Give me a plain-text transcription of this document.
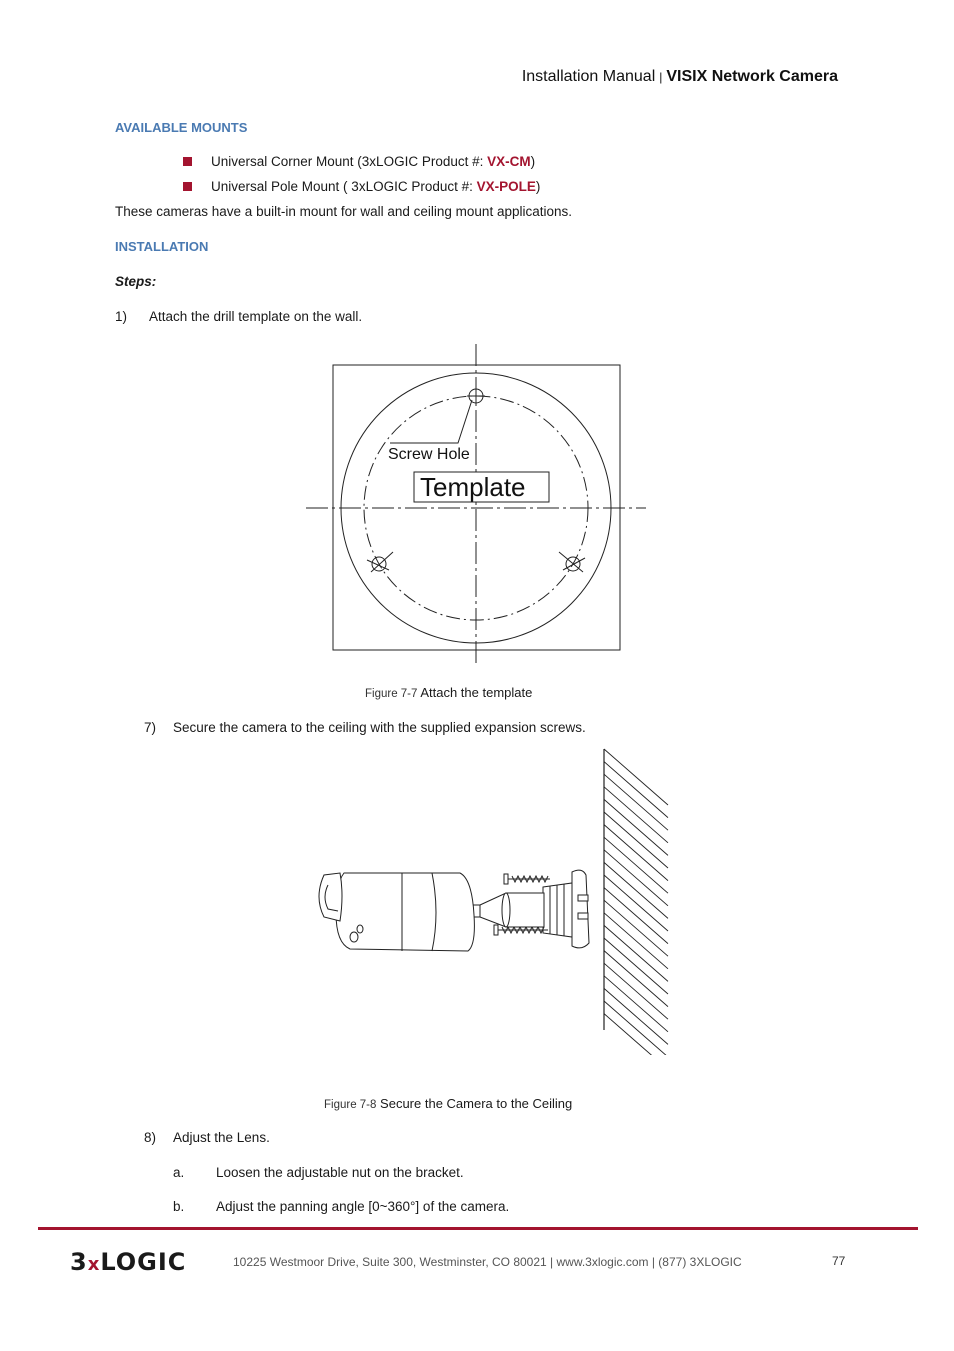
Installation Manual | VISIX Network Camera
AVAILABLE MOUNTS
Universal Corner Mount (3xLOGIC Product #: VX-CM)
Universal Pole Mount ( 3xLOGIC Product #: VX-POLE)
These cameras have a built-in mount for wall and ceiling mount applications.
INSTALLATION
Steps:
1) Attach the drill template on the wall.
Screw Hole
Template
Figure 7-7 Attach the template
7) Secure the camera to the ceiling with the supplied expansion screws.
Figure 7-8 Secure the Camera to the Ceiling
8) Adjust the Lens.
a. Loosen the adjustable nut on the bracket.
b. Adjust the panning angle [0~360°] of the camera.
3xLOGIC	10225 Westmoor Drive, Suite 300, Westminster, CO 80021 | www.3xlogic.com | (877) 3XLOGIC	77
